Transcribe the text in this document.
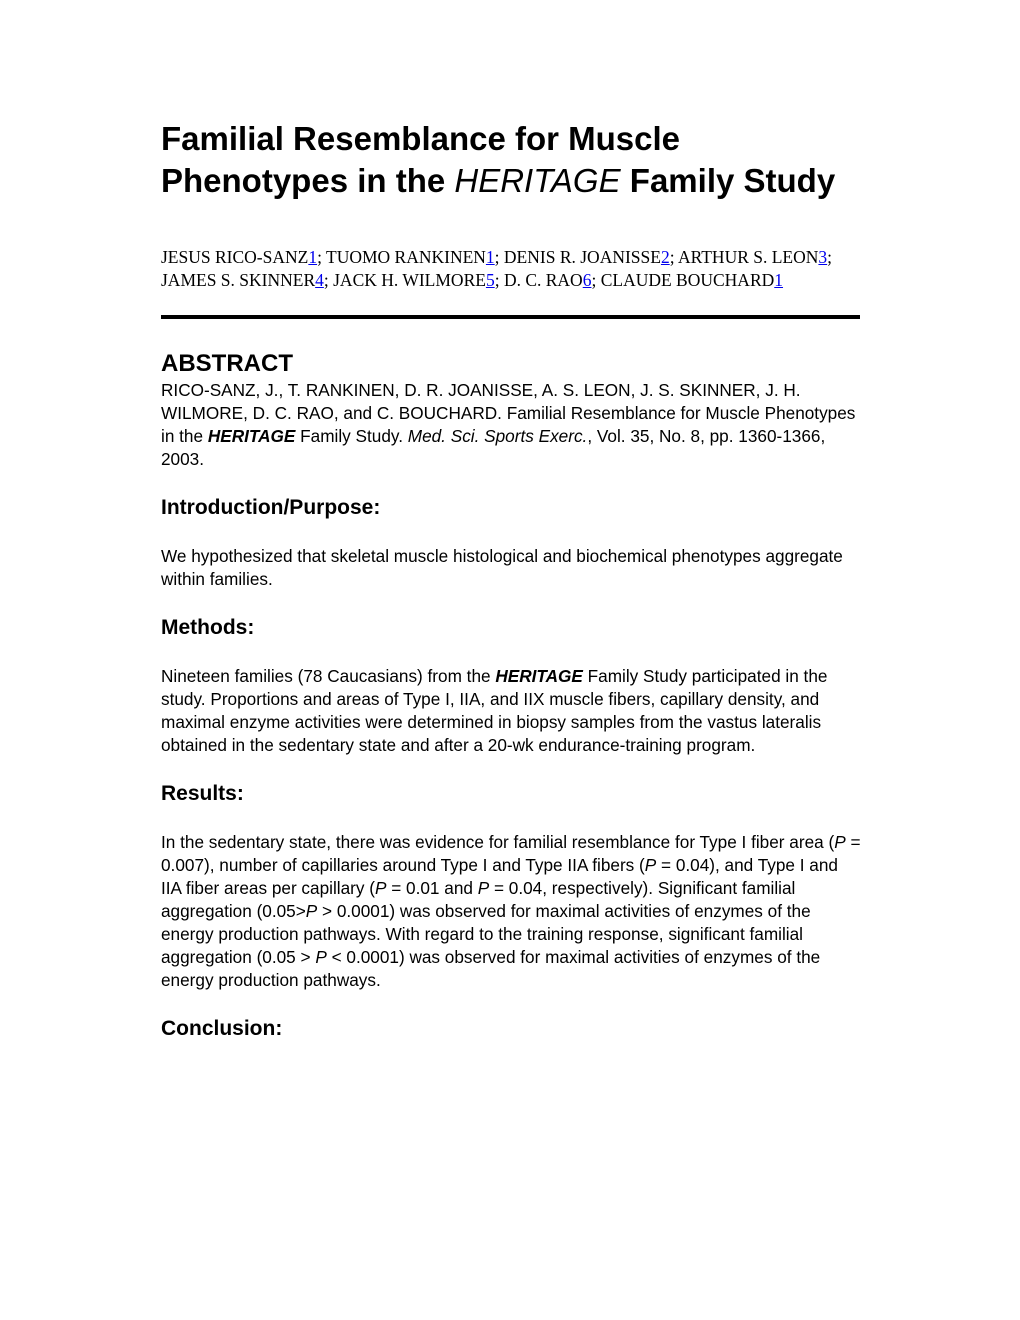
Familial Resemblance for Muscle Phenotypes in the HERITAGE Family Study
JESUS RICO-SANZ1; TUOMO RANKINEN1; DENIS R. JOANISSE2; ARTHUR S. LEON3; JAMES S. SKINNER4; JACK H. WILMORE5; D. C. RAO6; CLAUDE BOUCHARD1
ABSTRACT

RICO-SANZ, J., T. RANKINEN, D. R. JOANISSE, A. S. LEON, J. S. SKINNER, J. H. WILMORE, D. C. RAO, and C. BOUCHARD. Familial Resemblance for Muscle Phenotypes in the HERITAGE Family Study. Med. Sci. Sports Exerc., Vol. 35, No. 8, pp. 1360-1366, 2003.

Introduction/Purpose:

We hypothesized that skeletal muscle histological and biochemical phenotypes aggregate within families.

Methods:

Nineteen families (78 Caucasians) from the HERITAGE Family Study participated in the study. Proportions and areas of Type I, IIA, and IIX muscle fibers, capillary density, and maximal enzyme activities were determined in biopsy samples from the vastus lateralis obtained in the sedentary state and after a 20-wk endurance-training program.

Results:

In the sedentary state, there was evidence for familial resemblance for Type I fiber area (P = 0.007), number of capillaries around Type I and Type IIA fibers (P = 0.04), and Type I and IIA fiber areas per capillary (P = 0.01 and P = 0.04, respectively). Significant familial aggregation (0.05>P > 0.0001) was observed for maximal activities of enzymes of the energy production pathways. With regard to the training response, significant familial aggregation (0.05 > P < 0.0001) was observed for maximal activities of enzymes of the energy production pathways.

Conclusion:
